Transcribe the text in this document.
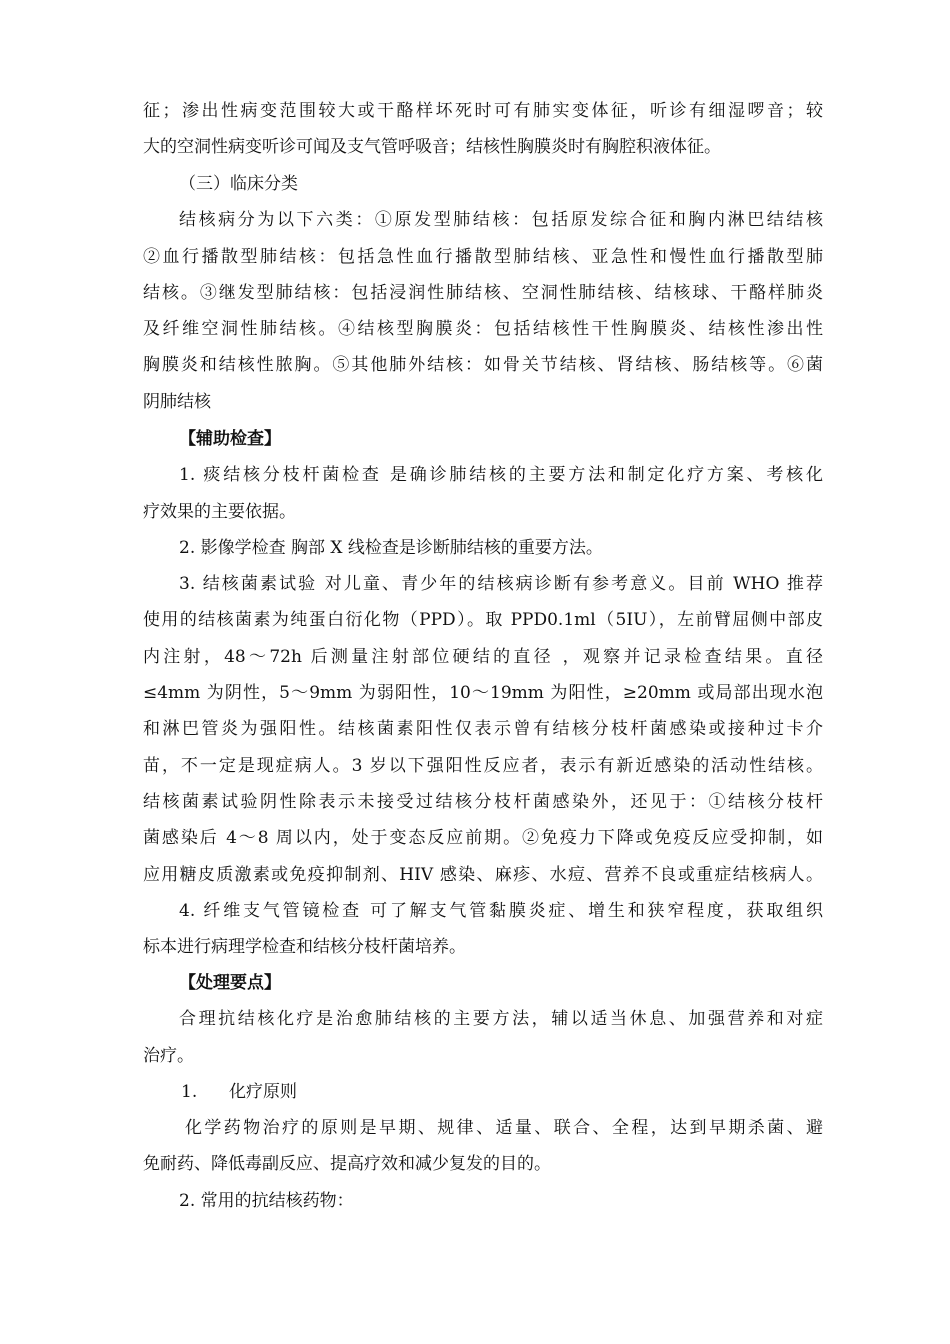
征；渗出性病变范围较大或干酪样坏死时可有肺实变体征，听诊有细湿啰音；较
大的空洞性病变听诊可闻及支气管呼吸音；结核性胸膜炎时有胸腔积液体征。
（三）临床分类
结核病分为以下六类：①原发型肺结核：包括原发综合征和胸内淋巴结结核
②血行播散型肺结核：包括急性血行播散型肺结核、亚急性和慢性血行播散型肺
结核。③继发型肺结核：包括浸润性肺结核、空洞性肺结核、结核球、干酪样肺炎
及纤维空洞性肺结核。④结核型胸膜炎：包括结核性干性胸膜炎、结核性渗出性
胸膜炎和结核性脓胸。⑤其他肺外结核：如骨关节结核、肾结核、肠结核等。⑥菌
阴肺结核
【辅助检查】
1. 痰结核分枝杆菌检查 是确诊肺结核的主要方法和制定化疗方案、考核化
疗效果的主要依据。
2. 影像学检查 胸部 X 线检查是诊断肺结核的重要方法。
3. 结核菌素试验 对儿童、青少年的结核病诊断有参考意义。目前 WHO 推荐
使用的结核菌素为纯蛋白衍化物（PPD）。取 PPD0.1ml（5IU），左前臂屈侧中部皮
内注射，48～72h 后测量注射部位硬结的直径 ，观察并记录检查结果。直径
≤4mm 为阴性，5～9mm 为弱阳性，10～19mm 为阳性，≥20mm 或局部出现水泡
和淋巴管炎为强阳性。结核菌素阳性仅表示曾有结核分枝杆菌感染或接种过卡介
苗，不一定是现症病人。3 岁以下强阳性反应者，表示有新近感染的活动性结核。
结核菌素试验阴性除表示未接受过结核分枝杆菌感染外，还见于：①结核分枝杆
菌感染后 4～8 周以内，处于变态反应前期。②免疫力下降或免疫反应受抑制，如
应用糖皮质激素或免疫抑制剂、HIV 感染、麻疹、水痘、营养不良或重症结核病人。
4. 纤维支气管镜检查 可了解支气管黏膜炎症、增生和狭窄程度，获取组织
标本进行病理学检查和结核分枝杆菌培养。
【处理要点】
合理抗结核化疗是治愈肺结核的主要方法，辅以适当休息、加强营养和对症
治疗。
1. 化疗原则
化学药物治疗的原则是早期、规律、适量、联合、全程，达到早期杀菌、避
免耐药、降低毒副反应、提高疗效和减少复发的目的。
2. 常用的抗结核药物：
